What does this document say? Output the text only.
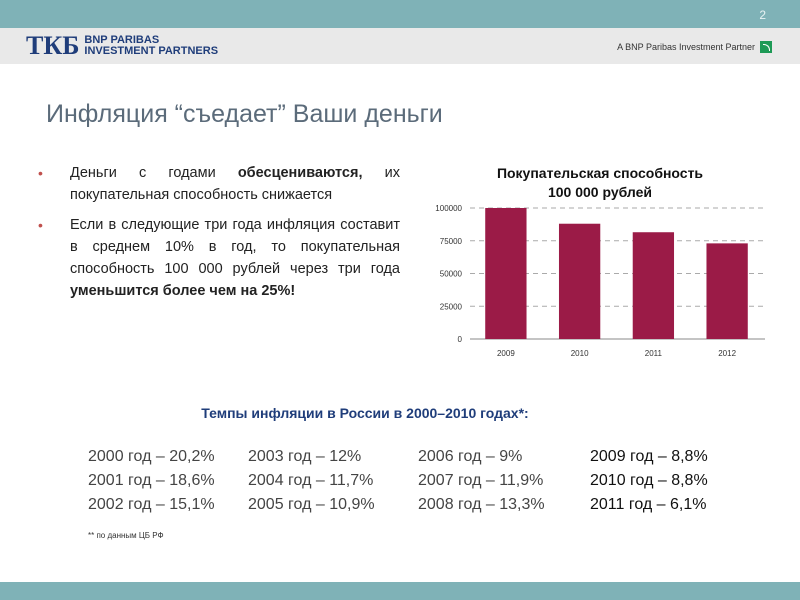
2
ТКБ BNP PARIBAS
INVESTMENT PARTNERS	A BNP Paribas Investment Partner
Инфляция “съедает” Ваши деньги
• Деньги с годами обесцениваются, их покупательная способность снижается
• Если в следующие три года инфляция составит в среднем 10% в год, то покупательная способность 100 000 рублей через три года уменьшится более чем на 25%!
Покупательская способность
100 000 рублей
100000
75000
50000
25000
0
2009	2010	2011	2012
Темпы инфляции в России в 2000–2010 годах*:
2000 год – 20,2%	2003 год – 12%	2006 год – 9%	2009 год – 8,8%
2001 год – 18,6%	2004 год – 11,7%	2007 год – 11,9%	2010 год – 8,8%
2002 год – 15,1%	2005 год – 10,9%	2008 год – 13,3%	2011 год – 6,1%
** по данным ЦБ РФ
